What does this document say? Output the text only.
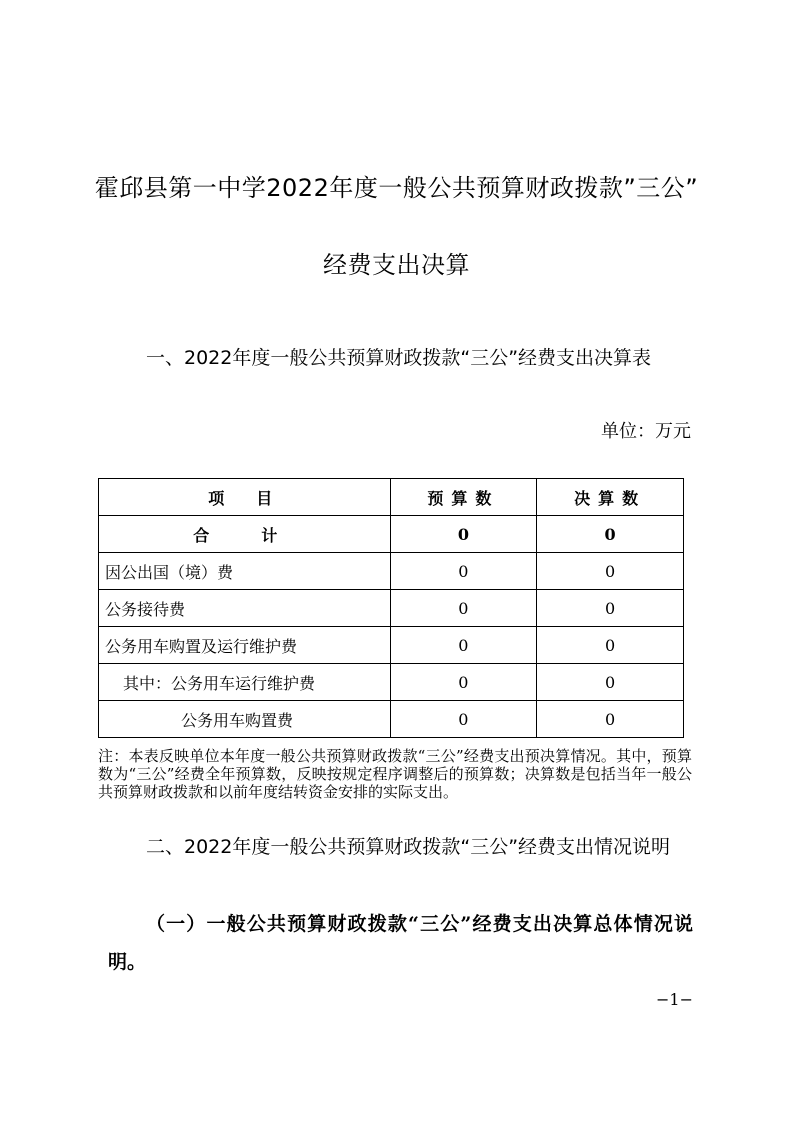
霍邱县第一中学2022年度一般公共预算财政拨款”三公”
经费支出决算
一、2022年度一般公共预算财政拨款“三公”经费支出决算表
单位：万元
项　目	预算数	决算数
合　计	0	0
因公出国（境）费	0	0
公务接待费	0	0
公务用车购置及运行维护费	0	0
其中：公务用车运行维护费	0	0
公务用车购置费	0	0
注：本表反映单位本年度一般公共预算财政拨款“三公”经费支出预决算情况。其中，预算数为“三公”经费全年预算数，反映按规定程序调整后的预算数；决算数是包括当年一般公共预算财政拨款和以前年度结转资金安排的实际支出。
二、2022年度一般公共预算财政拨款“三公”经费支出情况说明
（一）一般公共预算财政拨款“三公”经费支出决算总体情况说明。
−1−
